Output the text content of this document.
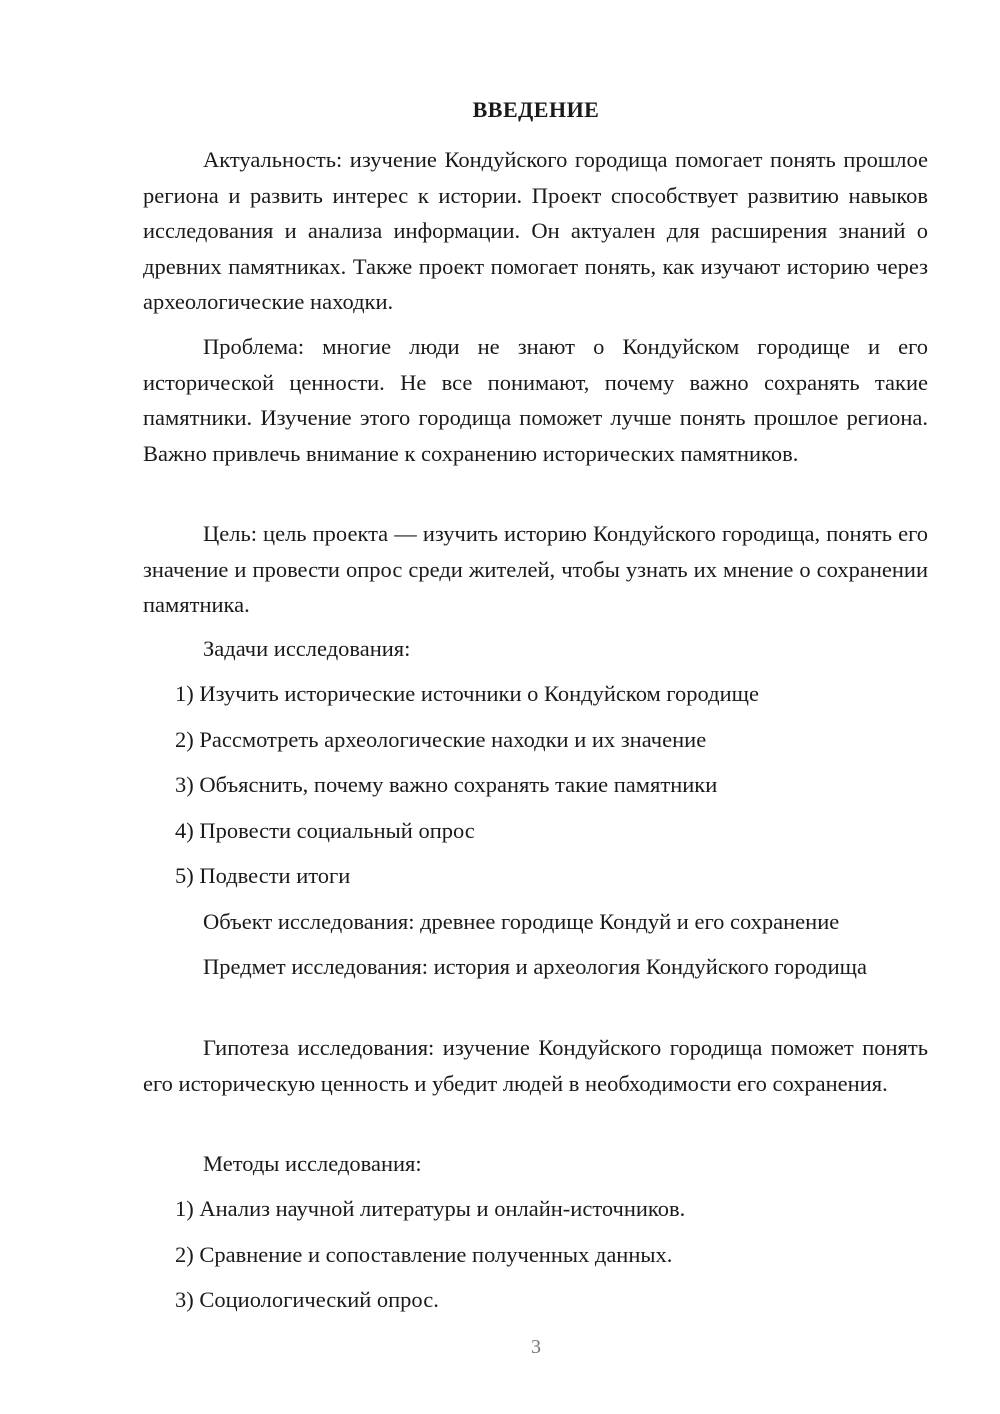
ВВЕДЕНИЕ

Актуальность: изучение Кондуйского городища помогает понять прошлое региона и развить интерес к истории. Проект способствует развитию навыков исследования и анализа информации. Он актуален для расширения знаний о древних памятниках. Также проект помогает понять, как изучают историю через археологические находки.

Проблема: многие люди не знают о Кондуйском городище и его исторической ценности. Не все понимают, почему важно сохранять такие памятники. Изучение этого городища поможет лучше понять прошлое региона. Важно привлечь внимание к сохранению исторических памятников.

Цель: цель проекта — изучить историю Кондуйского городища, понять его значение и провести опрос среди жителей, чтобы узнать их мнение о сохранении памятника.

Задачи исследования:

1) Изучить исторические источники о Кондуйском городище

2) Рассмотреть археологические находки и их значение

3) Объяснить, почему важно сохранять такие памятники

4) Провести социальный опрос

5) Подвести итоги

Объект исследования: древнее городище Кондуй и его сохранение

Предмет исследования: история и археология Кондуйского городища

Гипотеза исследования: изучение Кондуйского городища поможет понять его историческую ценность и убедит людей в необходимости его сохранения.

Методы исследования:

1) Анализ научной литературы и онлайн-источников.

2) Сравнение и сопоставление полученных данных.

3) Социологический опрос.

3
